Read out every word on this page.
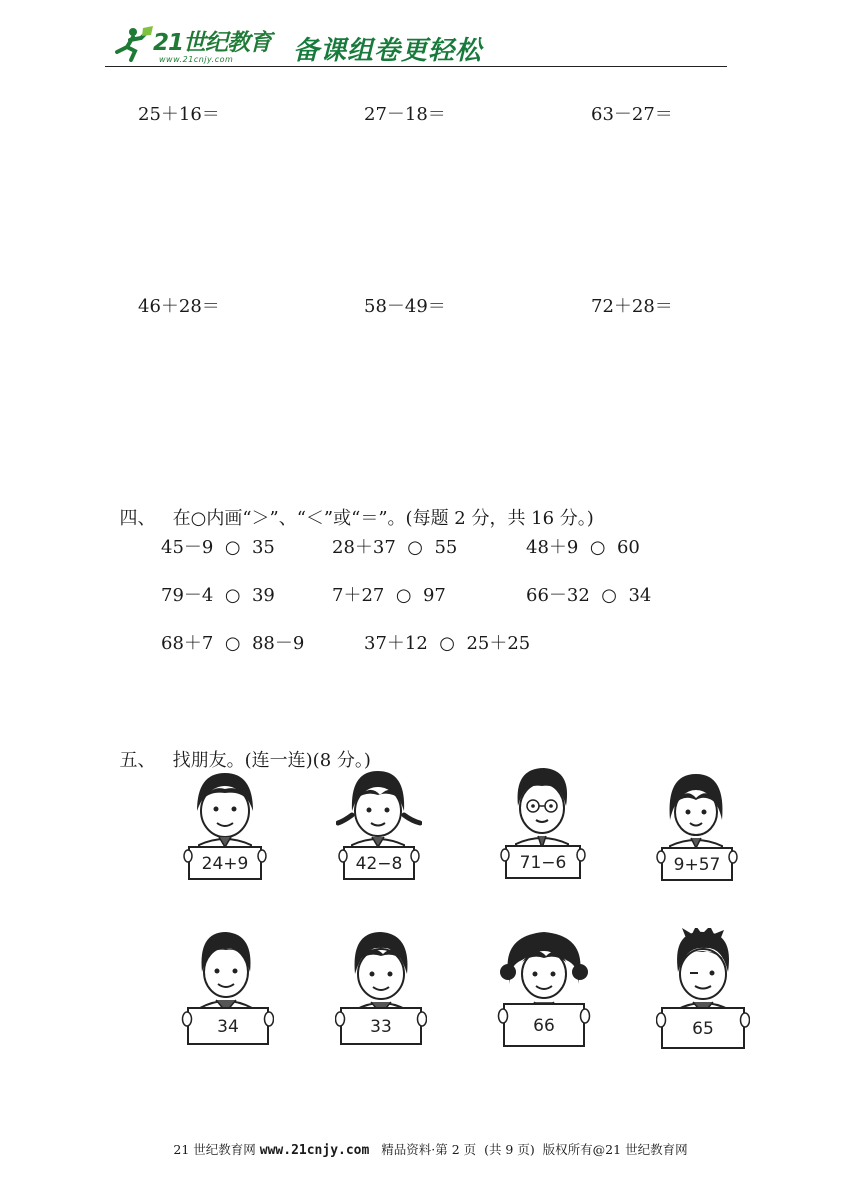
21世纪教育
www.21cnjy.com 备课组卷更轻松
25＋16＝	27－18＝	63－27＝
46＋28＝	58－49＝	72＋28＝

四、 在○内画“＞”、“＜”或“＝”。(每题 2 分，共 16 分。)

45－9 ○ 35	28＋37 ○ 55	48＋9 ○ 60
79－4 ○ 39	7＋27 ○ 97	66－32 ○ 34
68＋7 ○ 88－9	37＋12 ○ 25＋25

五、 找朋友。(连一连)(8 分。)

24+9	42−8	71−6	9+57
34	33	66	65
21 世纪教育网 www.21cnjy.com   精品资料·第 2 页  (共 9 页)  版权所有@21 世纪教育网
